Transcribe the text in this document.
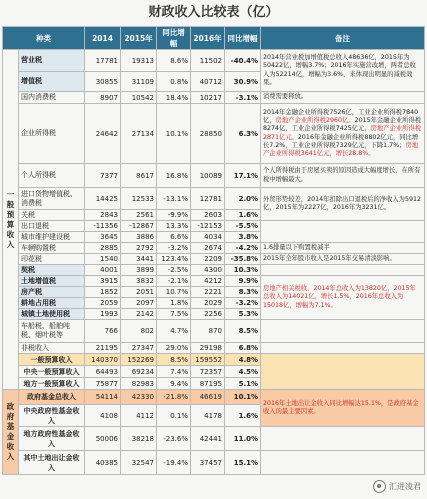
财政收入比较表（亿）
种类		2014	2015年	同比增幅	2016年	同比增幅	备注
一般预算收入	营业税	17781	19313	8.6%	11502	-40.4%	2014年营业税加增值税总收入48636亿，2015年为50422亿，增幅3.7%；2016年实施营改增，两者总收入为52214亿，增幅为3.6%，来体现出明显的减税效果。
	增值税	30855	31109	0.8%	40712	30.9%	
	国内消费税	8907	10542	18.4%	10217	-3.1%	消费需要释放。
	企业所得税	24642	27134	10.1%	28850	6.3%	2014年金融企业所得税7526亿，工业企业所得税7840亿，房地产企业所得税2960亿。2015年金融企业所得税8274亿，工业企业所得税7425亿元，房地产企业所得税2871亿元。2016年金融企业所得税8802亿元，同比增长7.2%，工业企业所得税7329亿元，下降1.7%；房地产企业所得税3641亿元，增长28.8%。
	个人所得税	7377	8617	16.8%	10089	17.1%	个人所得税由于房屋买卖的原因造成大幅度增长，在所有税中增幅最大。
	进口货物增值税、消费税	14425	12533	-13.1%	12781	2.0%	外贸形势较差，2014年扣除出口退税后的净收入为5912亿，2015年为2227亿，2016年为3231亿。
	关税	2843	2561	-9.9%	2603	1.6%	
	出口退税	-11356	-12867	13.3%	-12153	-5.5%	
	城市维护建设税	3645	3886	6.6%	4034	3.8%	
	车辆购置税	2885	2792	-3.2%	2674	-4.2%	1.6排量以下购置税减半
	印花税	1540	3441	123.4%	2209	-35.8%	2015年全年股市收入是2015年交易清淡影响。
	契税	4001	3899	-2.5%	4300	10.3%	
	土地增值税	3915	3832	-2.1%	4212	9.9%	房地产相关税收，2014年总收入为13820亿，2015年总收入为14021亿，增长1.5%，2016年总收入为15018亿，增幅为7.1%。
	房产税	1852	2051	10.7%	2221	8.3%	
	耕地占用税	2059	2097	1.8%	2029	-3.2%	
	城镇土地使用税	1993	2142	7.5%	2256	5.3%	
	车船税、船舶吨税、烟叶税等	766	802	4.7%	870	8.5%	
	非税收入	21195	27347	29.0%	29198	6.8%	
	一般预算收入	140370	152269	8.5%	159552	4.8%	
	中央一般预算收入	64493	69234	7.4%	72357	4.5%	
	地方一般预算收入	75877	82983	9.4%	87195	5.1%	
政府基金收入	政府基金总收入	54114	42330	-21.8%	46619	10.1%	2016年土地出让金收入同比增幅达15.1%，是政府基金收入的最主要因素。
	中央政府性基金收入	4108	4112	0.1%	4178	1.6%	
	地方政府性基金收入	50006	38218	-23.6%	42441	11.0%	
	其中土地出让金收入	40385	32547	-19.4%	37457	15.1%	
汇进凌君
